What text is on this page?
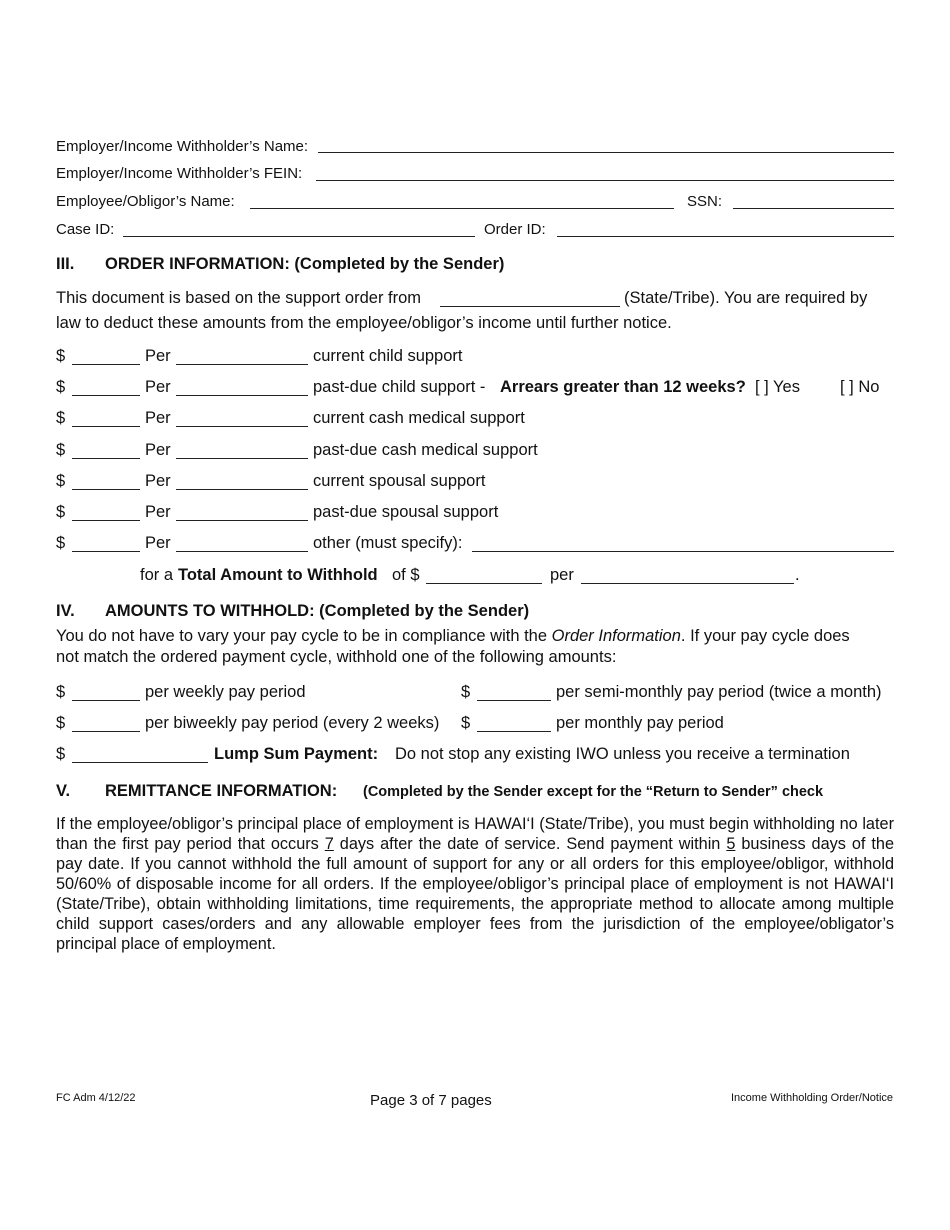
Employer/Income Withholder’s Name:
Employer/Income Withholder’s FEIN:
Employee/Obligor’s Name:	SSN:
Case ID:	Order ID:
III. ORDER INFORMATION: (Completed by the Sender)
This document is based on the support order from	(State/Tribe). You are required by
law to deduct these amounts from the employee/obligor’s income until further notice.
$	Per	current child support
$	Per	past-due child support - Arrears greater than 12 weeks? [ ] Yes [ ] No
$	Per	current cash medical support
$	Per	past-due cash medical support
$	Per	current spousal support
$	Per	past-due spousal support
$	Per	other (must specify):
for a Total Amount to Withhold of $	per	.
IV. AMOUNTS TO WITHHOLD: (Completed by the Sender)
You do not have to vary your pay cycle to be in compliance with the Order Information. If your pay cycle does
not match the ordered payment cycle, withhold one of the following amounts:
$	per weekly pay period	$	per semi-monthly pay period (twice a month)
$	per biweekly pay period (every 2 weeks) $	per monthly pay period
$	Lump Sum Payment: Do not stop any existing IWO unless you receive a termination
V. REMITTANCE INFORMATION: (Completed by the Sender except for the “Return to Sender” check
If the employee/obligor’s principal place of employment is HAWAI‘I (State/Tribe), you must begin withholding no later than the first pay period that occurs 7 days after the date of service. Send payment within 5 business days of the pay date. If you cannot withhold the full amount of support for any or all orders for this employee/obligor, withhold 50/60% of disposable income for all orders. If the employee/obligor’s principal place of employment is not HAWAI‘I (State/Tribe), obtain withholding limitations, time requirements, the appropriate method to allocate among multiple child support cases/orders and any allowable employer fees from the jurisdiction of the employee/obligator’s principal place of employment.
FC Adm 4/12/22	Page 3 of 7 pages	Income Withholding Order/Notice
